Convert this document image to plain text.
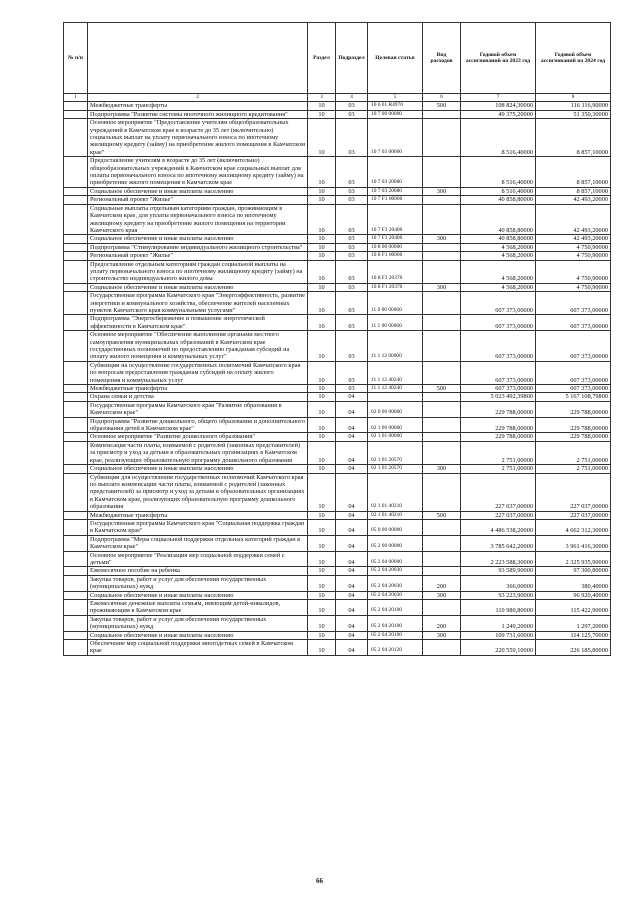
№ п/п		Раздел	Подраздел	Целевая статья	Вид расходов	Годовой объем ассигнований на 2023 год	Годовой объем ассигнований на 2024 год
1	2	3	4	5	6	7	8
	Межбюджетные трансферты	10	03	10 6 01 R4970	500	108 824,30000	116 116,90000
	Подпрограмма "Развитие системы ипотечного жилищного кредитования"	10	03	10 7 00 00000		49 375,20000	51 350,30000
	Основное мероприятие "Предоставление учителям общеобразовательных учреждений в Камчатском крае в возрасте до 35 лет (включительно) социальных выплат на уплату первоначального взноса по ипотечному жилищному кредиту (займу) на приобретение жилого помещения в Камчатском крае"	10	03	10 7 03 00000		8 516,40000	8 857,10000
	Предоставление учителям в возрасте до 35 лет (включительно) общеобразовательных учреждений в Камчатском крае социальных выплат для оплаты первоначального взноса по ипотечному жилищному кредиту (займу) на приобретение жилого помещения в Камчатском крае	10	03	10 7 03 20080		8 516,40000	8 857,10000
	Социальное обеспечение и иные выплаты населению	10	03	10 7 03 20080	300	8 516,40000	8 857,10000
	Региональный проект "Жилье"	10	03	10 7 F1 00000		40 858,80000	42 493,20000
	Социальные выплаты отдельным категориям граждан, проживающим в Камчатском крае, для уплаты первоначального взноса по ипотечному жилищному кредиту на приобретение жилого помещения на территории Камчатского края	10	03	10 7 F1 20400		40 858,80000	42 493,20000
	Социальное обеспечение и иные выплаты населению	10	03	10 7 F1 20400	300	40 858,80000	42 493,20000
	Подпрограмма "Стимулирование индивидуального жилищного строительства"	10	03	10 8 00 00000		4 568,20000	4 750,90000
	Региональный проект "Жилье"	10	03	10 8 F1 00000		4 568,20000	4 750,90000
	Предоставление отдельным категориям граждан социальной выплаты на уплату первоначального взноса по ипотечному жилищному кредиту (займу) на строительство индивидуального жилого дома	10	03	10 8 F1 20370		4 568,20000	4 750,90000
	Социальное обеспечение и иные выплаты населению	10	03	10 8 F1 20370	300	4 568,20000	4 750,90000
	Государственная программа Камчатского края "Энергоэффективность, развитие энергетики и коммунального хозяйства, обеспечение жителей населенных пунктов Камчатского края коммунальными услугами"	10	03	11 0 00 00000		607 373,00000	607 373,00000
	Подпрограмма "Энергосбережение и повышение энергетической эффективности в Камчатском крае"	10	03	11 1 00 00000		607 373,00000	607 373,00000
	Основное мероприятие "Обеспечение выполнения органами местного самоуправления муниципальных образований в Камчатском крае государственных полномочий по предоставлению гражданам субсидий на оплату жилого помещения и коммунальных услуг"	10	03	11 1 12 00000		607 373,00000	607 373,00000
	Субвенции на осуществление государственных полномочий Камчатского края по вопросам предоставления гражданам субсидий на оплату жилого помещения и коммунальных услуг	10	03	11 1 12 40240		607 373,00000	607 373,00000
	Межбюджетные трансферты	10	03	11 1 12 40240	500	607 373,00000	607 373,00000
	Охрана семьи и детства	10	04			5 023 492,39800	5 167 108,79800
	Государственная программа Камчатского края "Развитие образования в Камчатском крае"	10	04	02 0 00 00000		229 788,00000	229 788,00000
	Подпрограмма "Развитие дошкольного, общего образования и дополнительного образования детей в Камчатском крае"	10	04	02 1 00 00000		229 788,00000	229 788,00000
	Основное мероприятие "Развитие дошкольного образования"	10	04	02 1 01 00000		229 788,00000	229 788,00000
	Компенсация части платы, взимаемой с родителей (законных представителей) за присмотр и уход за детьми в образовательных организациях в Камчатском крае, реализующих образовательную программу дошкольного образования	10	04	02 1 01 20570		2 751,00000	2 751,00000
	Социальное обеспечение и иные выплаты населению	10	04	02 1 01 20570	300	2 751,00000	2 751,00000
	Субвенции для осуществления государственных полномочий Камчатского края по выплате компенсации части платы, взимаемой с родителей (законных представителей) за присмотр и уход за детьми в образовательных организациях в Камчатском крае, реализующих образовательную программу дошкольного образования	10	04	02 1 01 40210		227 037,00000	227 037,00000
	Межбюджетные трансферты	10	04	02 1 01 40210	500	227 037,00000	227 037,00000
	Государственная программа Камчатского края "Социальная поддержка граждан в Камчатском крае"	10	04	05 0 00 00000		4 486 538,20000	4 662 312,30000
	Подпрограмма "Меры социальной поддержки отдельных категорий граждан в Камчатском крае"	10	04	05 2 00 00000		3 785 642,20000	3 961 416,30000
	Основное мероприятие "Реализация мер социальной поддержки семей с детьми"	10	04	05 2 04 00000		2 223 588,30000	2 325 935,90000
	Ежемесячное пособие на ребенка	10	04	05 2 04 20030		93 589,90000	97 300,80000
	Закупка товаров, работ и услуг для обеспечения государственных (муниципальных) нужд	10	04	05 2 04 20030	200	366,00000	380,40000
	Социальное обеспечение и иные выплаты населению	10	04	05 2 04 20030	300	93 223,90000	96 920,40000
	Ежемесячные денежные выплаты семьям, имеющим детей-инвалидов, проживающим в Камчатском крае	10	04	05 2 04 20100		110 980,80000	115 422,90000
	Закупка товаров, работ и услуг для обеспечения государственных (муниципальных) нужд	10	04	05 2 04 20100	200	1 249,20000	1 297,20000
	Социальное обеспечение и иные выплаты населению	10	04	05 2 04 20100	300	109 731,60000	114 125,70000
	Обеспечение мер социальной поддержки многодетных семей в Камчатском крае	10	04	05 2 04 20120		220 559,10000	226 185,80000
66
